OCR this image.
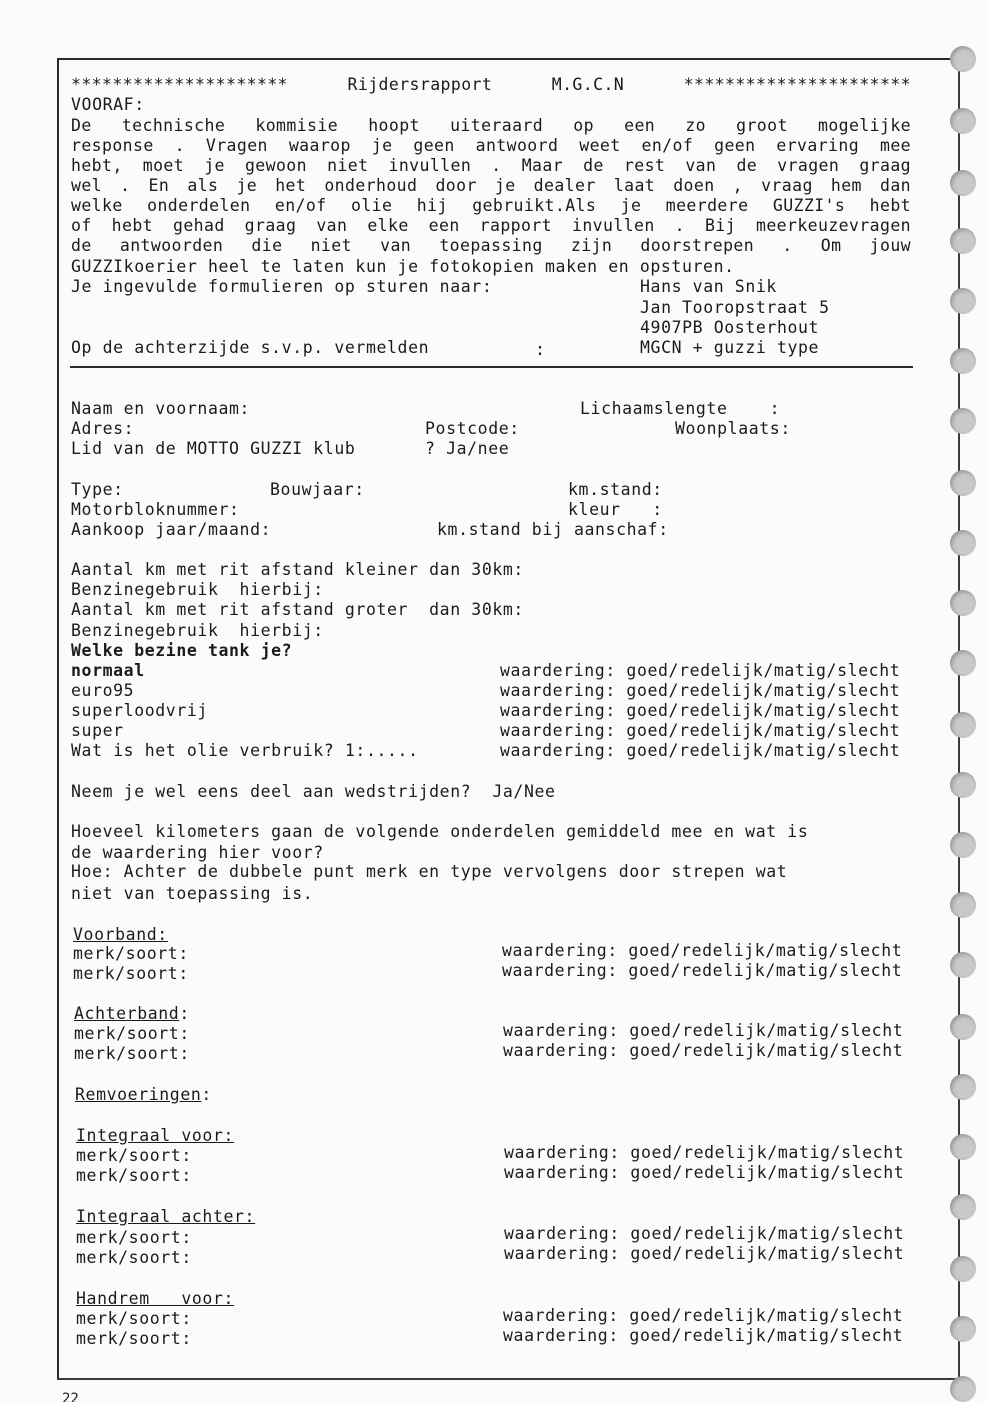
********************* Rijdersrapport M.G.C.N **********************
VOORAF:
De technische kommisie hoopt uiteraard op een zo groot mogelijke
response . Vragen waarop je geen antwoord weet en/of geen ervaring mee
hebt, moet je gewoon niet invullen . Maar de rest van de vragen graag
wel . En als je het onderhoud door je dealer laat doen , vraag hem dan
welke onderdelen en/of olie hij gebruikt.Als je meerdere GUZZI's hebt
of hebt gehad graag van elke een rapport invullen . Bij meerkeuzevragen
de antwoorden die niet van toepassing zijn doorstrepen . Om jouw
GUZZIkoerier heel te laten kun je fotokopien maken en opsturen.
Je ingevulde formulieren op sturen naar:	Hans van Snik
Jan Tooropstraat 5
4907PB Oosterhout
Op de achterzijde s.v.p. vermelden	:	MGCN + guzzi type
Naam en voornaam:	Lichaamslengte    :
Adres:	Postcode:	Woonplaats:
Lid van de MOTTO GUZZI klub	? Ja/nee
Type:	Bouwjaar:	km.stand:
Motorbloknummer:	kleur   :
Aankoop jaar/maand:	km.stand bij aanschaf:
Aantal km met rit afstand kleiner dan 30km:
Benzinegebruik  hierbij:
Aantal km met rit afstand groter  dan 30km:
Benzinegebruik  hierbij:
Welke bezine tank je?
normaal	waardering: goed/redelijk/matig/slecht
euro95	waardering: goed/redelijk/matig/slecht
superloodvrij	waardering: goed/redelijk/matig/slecht
super	waardering: goed/redelijk/matig/slecht
Wat is het olie verbruik? 1:.....	waardering: goed/redelijk/matig/slecht
Neem je wel eens deel aan wedstrijden?  Ja/Nee
Hoeveel kilometers gaan de volgende onderdelen gemiddeld mee en wat is
de waardering hier voor?
Hoe: Achter de dubbele punt merk en type vervolgens door strepen wat
niet van toepassing is.
Voorband:
merk/soort:	waardering: goed/redelijk/matig/slecht
merk/soort:	waardering: goed/redelijk/matig/slecht
Achterband:
merk/soort:	waardering: goed/redelijk/matig/slecht
merk/soort:	waardering: goed/redelijk/matig/slecht
Remvoeringen:
Integraal voor:
merk/soort:	waardering: goed/redelijk/matig/slecht
merk/soort:	waardering: goed/redelijk/matig/slecht
Integraal achter:
merk/soort:	waardering: goed/redelijk/matig/slecht
merk/soort:	waardering: goed/redelijk/matig/slecht
Handrem   voor:
merk/soort:	waardering: goed/redelijk/matig/slecht
merk/soort:	waardering: goed/redelijk/matig/slecht
22
